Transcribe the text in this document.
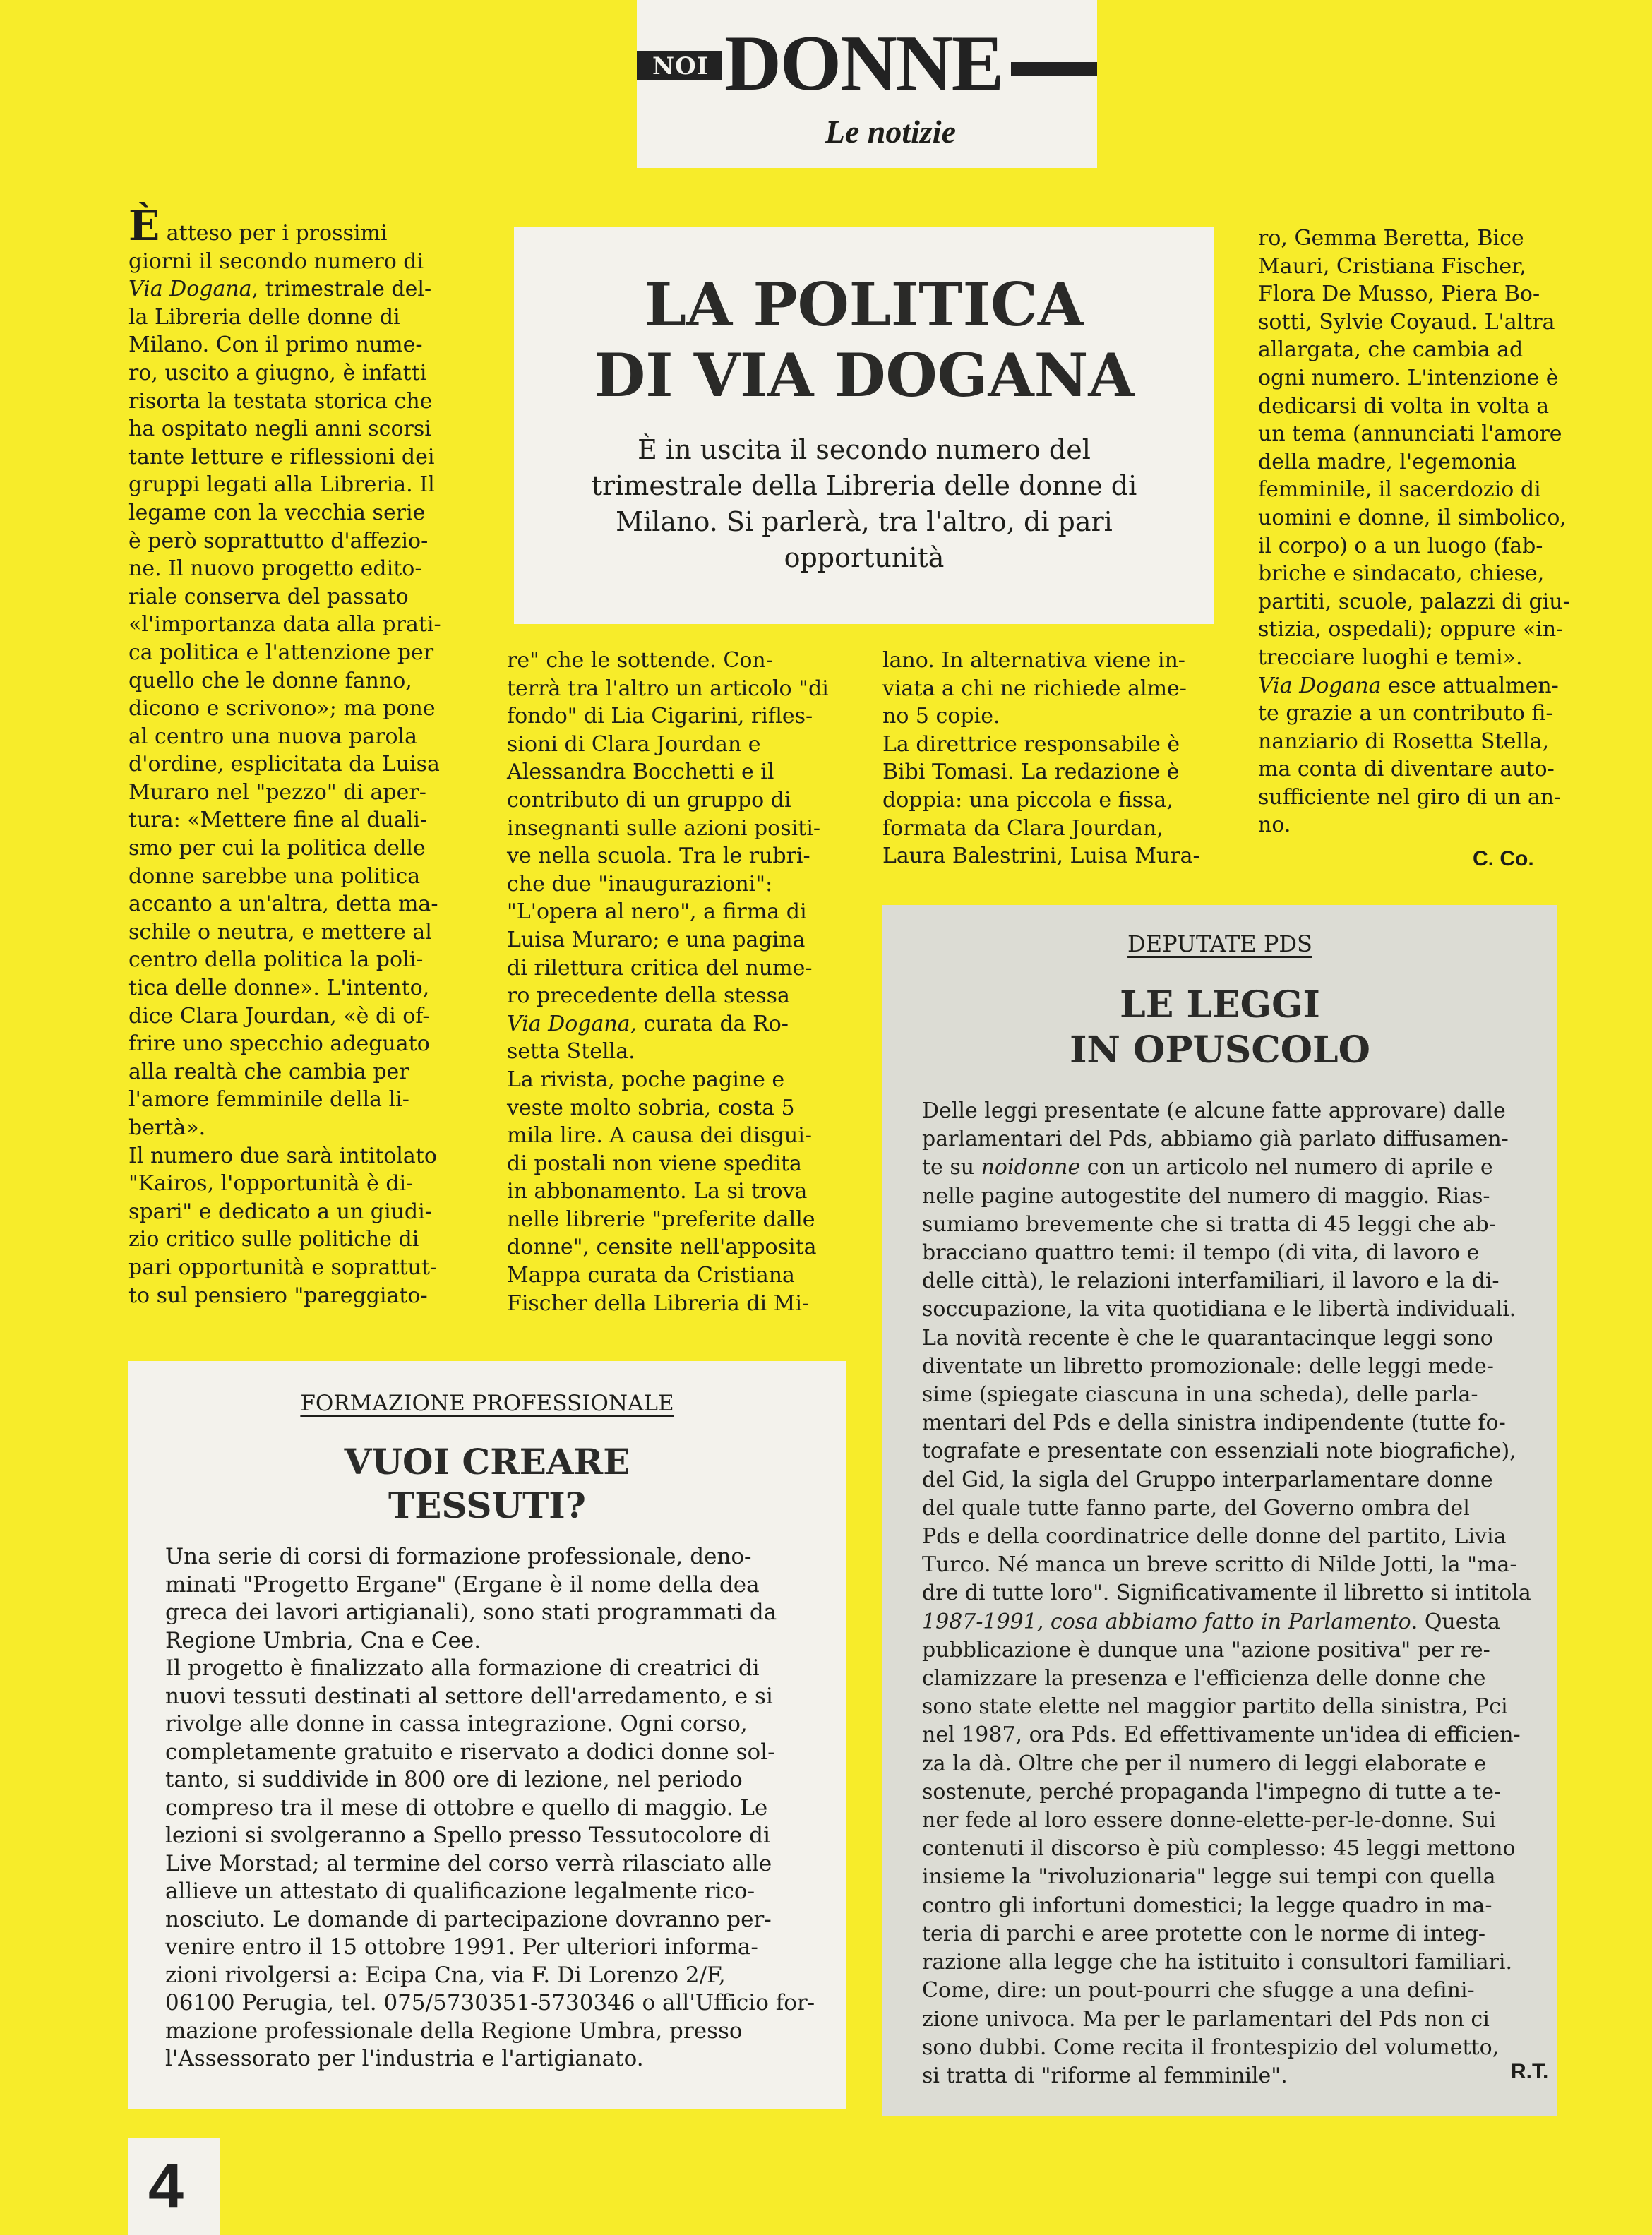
NOI DONNE
Le notizie
È atteso per i prossimi
giorni il secondo numero di
Via Dogana, trimestrale del-
la Libreria delle donne di
Milano. Con il primo nume-
ro, uscito a giugno, è infatti
risorta la testata storica che
ha ospitato negli anni scorsi
tante letture e riflessioni dei
gruppi legati alla Libreria. Il
legame con la vecchia serie
è però soprattutto d'affezio-
ne. Il nuovo progetto edito-
riale conserva del passato
«l'importanza data alla prati-
ca politica e l'attenzione per
quello che le donne fanno,
dicono e scrivono»; ma pone
al centro una nuova parola
d'ordine, esplicitata da Luisa
Muraro nel "pezzo" di aper-
tura: «Mettere fine al duali-
smo per cui la politica delle
donne sarebbe una politica
accanto a un'altra, detta ma-
schile o neutra, e mettere al
centro della politica la poli-
tica delle donne». L'intento,
dice Clara Jourdan, «è di of-
frire uno specchio adeguato
alla realtà che cambia per
l'amore femminile della li-
bertà».
Il numero due sarà intitolato
"Kairos, l'opportunità è di-
spari" e dedicato a un giudi-
zio critico sulle politiche di
pari opportunità e soprattut-
to sul pensiero "pareggiato-
LA POLITICA
DI VIA DOGANA
È in uscita il secondo numero del
trimestrale della Libreria delle donne di
Milano. Si parlerà, tra l'altro, di pari
opportunità
re" che le sottende. Con-
terrà tra l'altro un articolo "di
fondo" di Lia Cigarini, rifles-
sioni di Clara Jourdan e
Alessandra Bocchetti e il
contributo di un gruppo di
insegnanti sulle azioni positi-
ve nella scuola. Tra le rubri-
che due "inaugurazioni":
"L'opera al nero", a firma di
Luisa Muraro; e una pagina
di rilettura critica del nume-
ro precedente della stessa
Via Dogana, curata da Ro-
setta Stella.
La rivista, poche pagine e
veste molto sobria, costa 5
mila lire. A causa dei disgui-
di postali non viene spedita
in abbonamento. La si trova
nelle librerie "preferite dalle
donne", censite nell'apposita
Mappa curata da Cristiana
Fischer della Libreria di Mi-
lano. In alternativa viene in-
viata a chi ne richiede alme-
no 5 copie.
La direttrice responsabile è
Bibi Tomasi. La redazione è
doppia: una piccola e fissa,
formata da Clara Jourdan,
Laura Balestrini, Luisa Mura-
ro, Gemma Beretta, Bice
Mauri, Cristiana Fischer,
Flora De Musso, Piera Bo-
sotti, Sylvie Coyaud. L'altra
allargata, che cambia ad
ogni numero. L'intenzione è
dedicarsi di volta in volta a
un tema (annunciati l'amore
della madre, l'egemonia
femminile, il sacerdozio di
uomini e donne, il simbolico,
il corpo) o a un luogo (fab-
briche e sindacato, chiese,
partiti, scuole, palazzi di giu-
stizia, ospedali); oppure «in-
trecciare luoghi e temi».
Via Dogana esce attualmen-
te grazie a un contributo fi-
nanziario di Rosetta Stella,
ma conta di diventare auto-
sufficiente nel giro di un an-
no.
C. Co.
FORMAZIONE PROFESSIONALE
VUOI CREARE
TESSUTI?
Una serie di corsi di formazione professionale, deno-
minati "Progetto Ergane" (Ergane è il nome della dea
greca dei lavori artigianali), sono stati programmati da
Regione Umbria, Cna e Cee.
Il progetto è finalizzato alla formazione di creatrici di
nuovi tessuti destinati al settore dell'arredamento, e si
rivolge alle donne in cassa integrazione. Ogni corso,
completamente gratuito e riservato a dodici donne sol-
tanto, si suddivide in 800 ore di lezione, nel periodo
compreso tra il mese di ottobre e quello di maggio. Le
lezioni si svolgeranno a Spello presso Tessutocolore di
Live Morstad; al termine del corso verrà rilasciato alle
allieve un attestato di qualificazione legalmente rico-
nosciuto. Le domande di partecipazione dovranno per-
venire entro il 15 ottobre 1991. Per ulteriori informa-
zioni rivolgersi a: Ecipa Cna, via F. Di Lorenzo 2/F,
06100 Perugia, tel. 075/5730351-5730346 o all'Ufficio for-
mazione professionale della Regione Umbra, presso
l'Assessorato per l'industria e l'artigianato.
DEPUTATE PDS
LE LEGGI
IN OPUSCOLO
Delle leggi presentate (e alcune fatte approvare) dalle
parlamentari del Pds, abbiamo già parlato diffusamen-
te su noidonne con un articolo nel numero di aprile e
nelle pagine autogestite del numero di maggio. Rias-
sumiamo brevemente che si tratta di 45 leggi che ab-
bracciano quattro temi: il tempo (di vita, di lavoro e
delle città), le relazioni interfamiliari, il lavoro e la di-
soccupazione, la vita quotidiana e le libertà individuali.
La novità recente è che le quarantacinque leggi sono
diventate un libretto promozionale: delle leggi mede-
sime (spiegate ciascuna in una scheda), delle parla-
mentari del Pds e della sinistra indipendente (tutte fo-
tografate e presentate con essenziali note biografiche),
del Gid, la sigla del Gruppo interparlamentare donne
del quale tutte fanno parte, del Governo ombra del
Pds e della coordinatrice delle donne del partito, Livia
Turco. Né manca un breve scritto di Nilde Jotti, la "ma-
dre di tutte loro". Significativamente il libretto si intitola
1987-1991, cosa abbiamo fatto in Parlamento. Questa
pubblicazione è dunque una "azione positiva" per re-
clamizzare la presenza e l'efficienza delle donne che
sono state elette nel maggior partito della sinistra, Pci
nel 1987, ora Pds. Ed effettivamente un'idea di efficien-
za la dà. Oltre che per il numero di leggi elaborate e
sostenute, perché propaganda l'impegno di tutte a te-
ner fede al loro essere donne-elette-per-le-donne. Sui
contenuti il discorso è più complesso: 45 leggi mettono
insieme la "rivoluzionaria" legge sui tempi con quella
contro gli infortuni domestici; la legge quadro in ma-
teria di parchi e aree protette con le norme di integ-
razione alla legge che ha istituito i consultori familiari.
Come, dire: un pout-pourri che sfugge a una defini-
zione univoca. Ma per le parlamentari del Pds non ci
sono dubbi. Come recita il frontespizio del volumetto,
si tratta di "riforme al femminile".	R.T.
4
